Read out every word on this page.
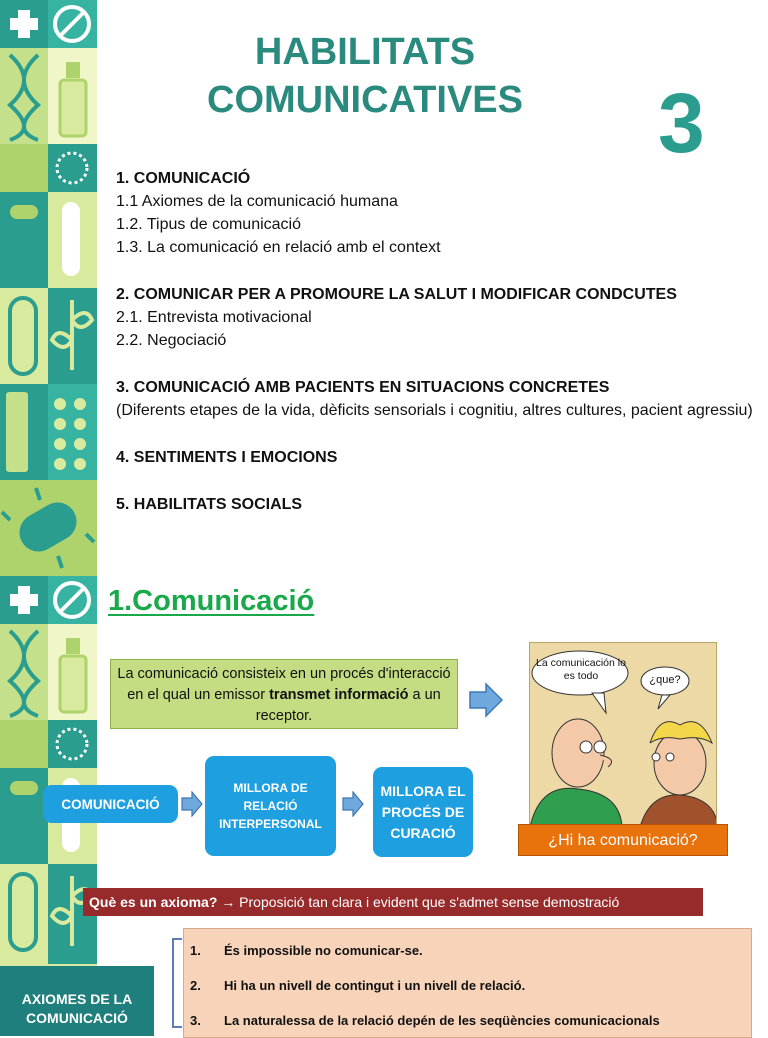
HABILITATS
COMUNICATIVES	3
1. COMUNICACIÓ
1.1 Axiomes de la comunicació humana
1.2. Tipus de comunicació
1.3. La comunicació en relació amb el context
2. COMUNICAR PER A PROMOURE LA SALUT I MODIFICAR CONDCUTES
2.1. Entrevista motivacional
2.2. Negociació
3. COMUNICACIÓ AMB PACIENTS EN SITUACIONS CONCRETES
(Diferents etapes de la vida, dèficits sensorials i cognitiu, altres cultures, pacient agressiu)
4. SENTIMENTS I EMOCIONS
5. HABILITATS SOCIALS
1.Comunicació
La comunicació consisteix en un procés d'interacció en el qual un emissor transmet informació a un receptor.
COMUNICACIÓ
MILLORA DE RELACIÓ INTERPERSONAL
MILLORA EL PROCÉS DE CURACIÓ
La comunicación lo es todo	¿que?
¿Hi ha comunicació?
Què es un axioma? → Proposició tan clara i evident que s'admet sense demostració
1. És impossible no comunicar-se.
2. Hi ha un nivell de contingut i un nivell de relació.
3. La naturalessa de la relació depén de les seqüències comunicacionals
AXIOMES DE LA COMUNICACIÓ
